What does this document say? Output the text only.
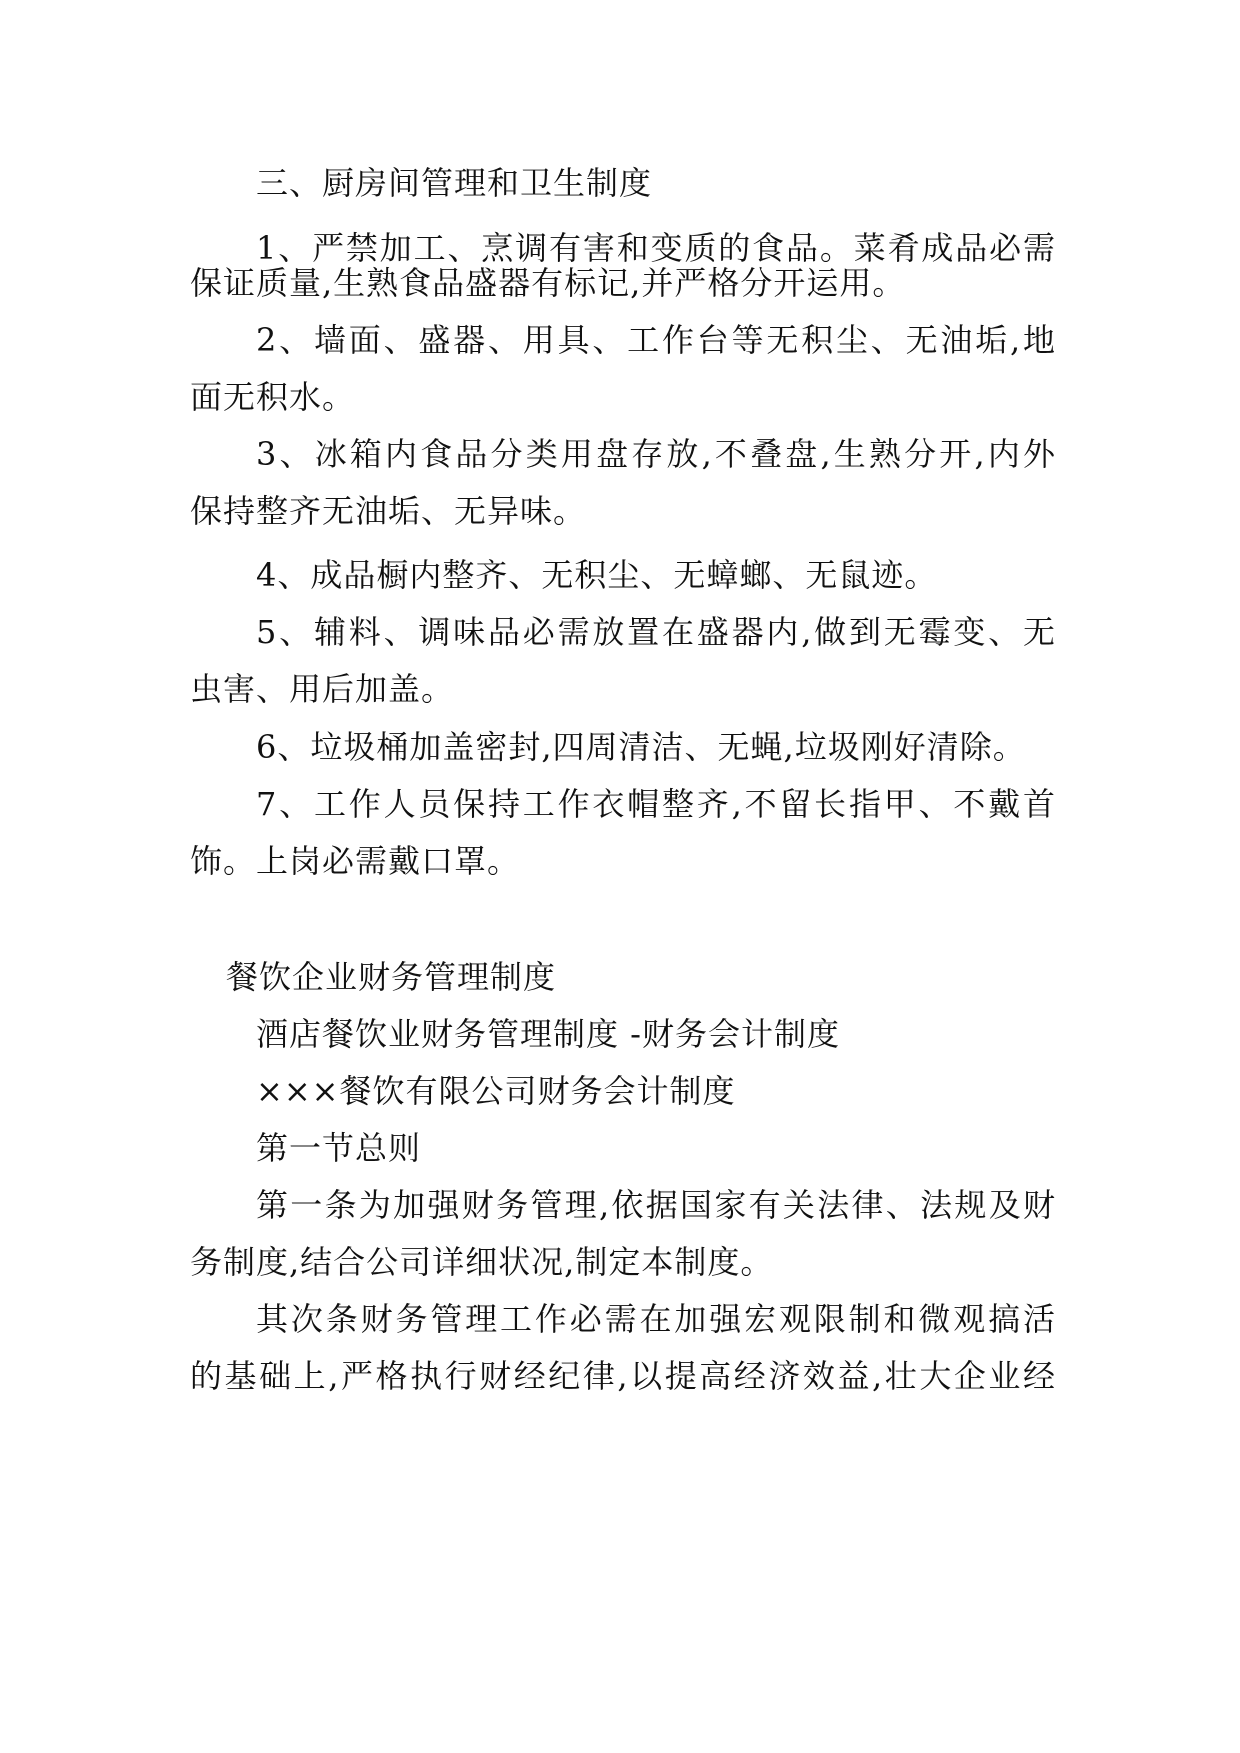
三、厨房间管理和卫生制度
1、严禁加工、烹调有害和变质的食品。菜肴成品必需
保证质量,生熟食品盛器有标记,并严格分开运用。
2、墙面、盛器、用具、工作台等无积尘、无油垢,地
面无积水。
3、冰箱内食品分类用盘存放,不叠盘,生熟分开,内外
保持整齐无油垢、无异味。
4、成品橱内整齐、无积尘、无蟑螂、无鼠迹。
5、辅料、调味品必需放置在盛器内,做到无霉变、无
虫害、用后加盖。
6、垃圾桶加盖密封,四周清洁、无蝇,垃圾刚好清除。
7、工作人员保持工作衣帽整齐,不留长指甲、不戴首
饰。上岗必需戴口罩。
餐饮企业财务管理制度
酒店餐饮业财务管理制度 -财务会计制度
×××餐饮有限公司财务会计制度
第一节总则
第一条为加强财务管理,依据国家有关法律、法规及财
务制度,结合公司详细状况,制定本制度。
其次条财务管理工作必需在加强宏观限制和微观搞活
的基础上,严格执行财经纪律,以提高经济效益,壮大企业经
